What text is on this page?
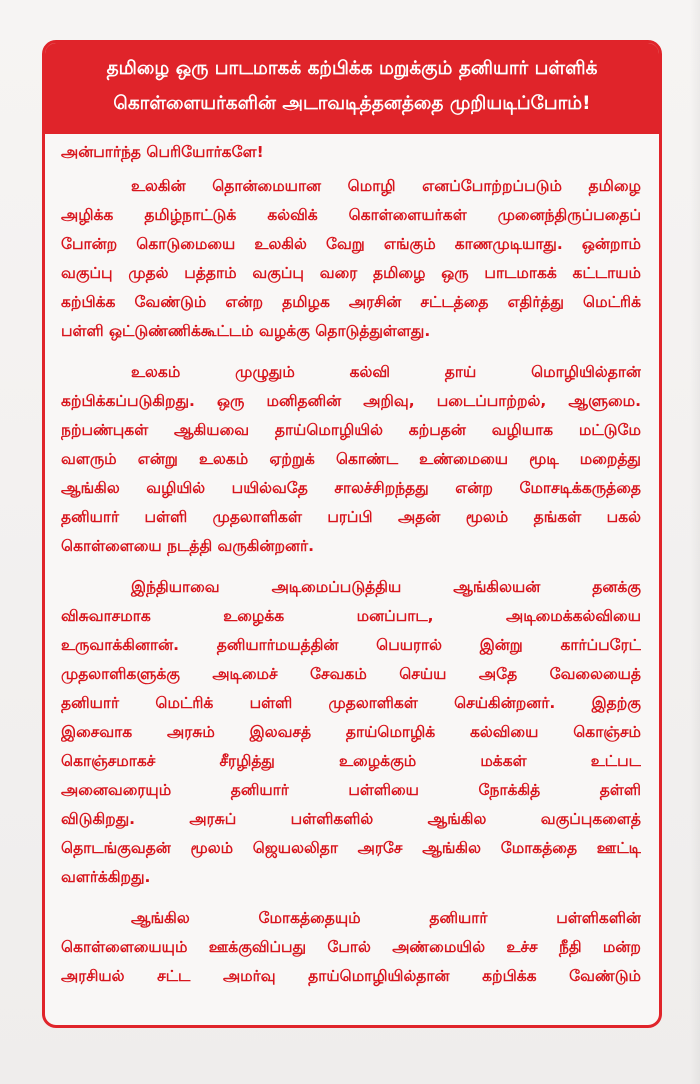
தமிழை ஒரு பாடமாகக் கற்பிக்க மறுக்கும் தனியார் பள்ளிக்
கொள்ளையர்களின் அடாவடித்தனத்தை முறியடிப்போம்!
அன்பார்ந்த பெரியோர்களே!
உலகின் தொன்மையான மொழி எனப்போற்றப்படும் தமிழை
அழிக்க தமிழ்நாட்டுக் கல்விக் கொள்ளையர்கள் முனைந்திருப்பதைப்
போன்ற கொடுமையை உலகில் வேறு எங்கும் காணமுடியாது. ஒன்றாம்
வகுப்பு முதல் பத்தாம் வகுப்பு வரை தமிழை ஒரு பாடமாகக் கட்டாயம்
கற்பிக்க வேண்டும் என்ற தமிழக அரசின் சட்டத்தை எதிர்த்து மெட்ரிக்
பள்ளி ஒட்டுண்ணிக்கூட்டம் வழக்கு தொடுத்துள்ளது.
உலகம் முழுதும் கல்வி தாய் மொழியில்தான்
கற்பிக்கப்படுகிறது. ஒரு மனிதனின் அறிவு, படைப்பாற்றல், ஆளுமை.
நற்பண்புகள் ஆகியவை தாய்மொழியில் கற்பதன் வழியாக மட்டுமே
வளரும் என்று உலகம் ஏற்றுக் கொண்ட உண்மையை மூடி மறைத்து
ஆங்கில வழியில் பயில்வதே சாலச்சிறந்தது என்ற மோசடிக்கருத்தை
தனியார் பள்ளி முதலாளிகள் பரப்பி அதன் மூலம் தங்கள் பகல்
கொள்ளையை நடத்தி வருகின்றனர்.
இந்தியாவை அடிமைப்படுத்திய ஆங்கிலயன் தனக்கு
விசுவாசமாக உழைக்க மனப்பாட, அடிமைக்கல்வியை
உருவாக்கினான். தனியார்மயத்தின் பெயரால் இன்று கார்ப்பரேட்
முதலாளிகளுக்கு அடிமைச் சேவகம் செய்ய அதே வேலையைத்
தனியார் மெட்ரிக் பள்ளி முதலாளிகள் செய்கின்றனர். இதற்கு
இசைவாக அரசும் இலவசத் தாய்மொழிக் கல்வியை கொஞ்சம்
கொஞ்சமாகச் சீரழித்து உழைக்கும் மக்கள் உட்பட
அனைவரையும் தனியார் பள்ளியை நோக்கித் தள்ளி
விடுகிறது. அரசுப் பள்ளிகளில் ஆங்கில வகுப்புகளைத்
தொடங்குவதன் மூலம் ஜெயலலிதா அரசே ஆங்கில மோகத்தை ஊட்டி
வளர்க்கிறது.
ஆங்கில மோகத்தையும் தனியார் பள்ளிகளின்
கொள்ளையையும் ஊக்குவிப்பது போல் அண்மையில் உச்ச நீதி மன்ற
அரசியல் சட்ட அமர்வு தாய்மொழியில்தான் கற்பிக்க வேண்டும்
